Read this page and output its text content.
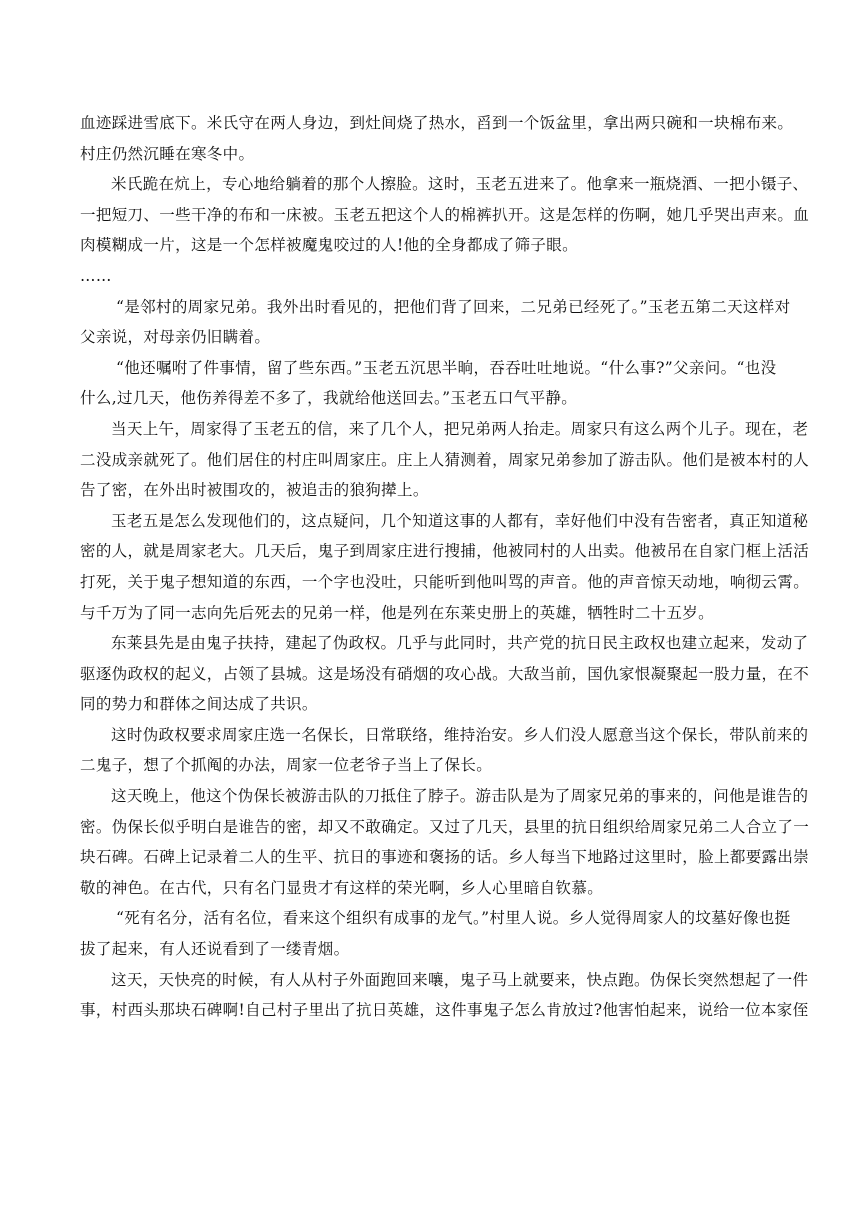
血迹踩进雪底下。米氏守在两人身边，到灶间烧了热水，舀到一个饭盆里，拿出两只碗和一块棉布来。
村庄仍然沉睡在寒冬中。
米氏跪在炕上，专心地给躺着的那个人擦脸。这时，玉老五进来了。他拿来一瓶烧酒、一把小镊子、
一把短刀、一些干净的布和一床被。玉老五把这个人的棉裤扒开。这是怎样的伤啊，她几乎哭出声来。血
肉模糊成一片，这是一个怎样被魔鬼咬过的人!他的全身都成了筛子眼。
……
“是邻村的周家兄弟。我外出时看见的，把他们背了回来，二兄弟已经死了。”玉老五第二天这样对
父亲说，对母亲仍旧瞒着。
“他还嘱咐了件事情，留了些东西。”玉老五沉思半晌，吞吞吐吐地说。“什么事?”父亲问。“也没
什么,过几天，他伤养得差不多了，我就给他送回去。”玉老五口气平静。
当天上午，周家得了玉老五的信，来了几个人，把兄弟两人抬走。周家只有这么两个儿子。现在，老
二没成亲就死了。他们居住的村庄叫周家庄。庄上人猜测着，周家兄弟参加了游击队。他们是被本村的人
告了密，在外出时被围攻的，被追击的狼狗撵上。
玉老五是怎么发现他们的，这点疑问，几个知道这事的人都有，幸好他们中没有告密者，真正知道秘
密的人，就是周家老大。几天后，鬼子到周家庄进行搜捕，他被同村的人出卖。他被吊在自家门框上活活
打死，关于鬼子想知道的东西，一个字也没吐，只能听到他叫骂的声音。他的声音惊天动地，响彻云霄。
与千万为了同一志向先后死去的兄弟一样，他是列在东莱史册上的英雄，牺牲时二十五岁。
东莱县先是由鬼子扶持，建起了伪政权。几乎与此同时，共产党的抗日民主政权也建立起来，发动了
驱逐伪政权的起义，占领了县城。这是场没有硝烟的攻心战。大敌当前，国仇家恨凝聚起一股力量，在不
同的势力和群体之间达成了共识。
这时伪政权要求周家庄选一名保长，日常联络，维持治安。乡人们没人愿意当这个保长，带队前来的
二鬼子，想了个抓阄的办法，周家一位老爷子当上了保长。
这天晚上，他这个伪保长被游击队的刀抵住了脖子。游击队是为了周家兄弟的事来的，问他是谁告的
密。伪保长似乎明白是谁告的密，却又不敢确定。又过了几天，县里的抗日组织给周家兄弟二人合立了一
块石碑。石碑上记录着二人的生平、抗日的事迹和褒扬的话。乡人每当下地路过这里时，脸上都要露出崇
敬的神色。在古代，只有名门显贵才有这样的荣光啊，乡人心里暗自钦慕。
“死有名分，活有名位，看来这个组织有成事的龙气。”村里人说。乡人觉得周家人的坟墓好像也挺
拔了起来，有人还说看到了一缕青烟。
这天，天快亮的时候，有人从村子外面跑回来嚷，鬼子马上就要来，快点跑。伪保长突然想起了一件
事，村西头那块石碑啊!自己村子里出了抗日英雄，这件事鬼子怎么肯放过?他害怕起来，说给一位本家侄
